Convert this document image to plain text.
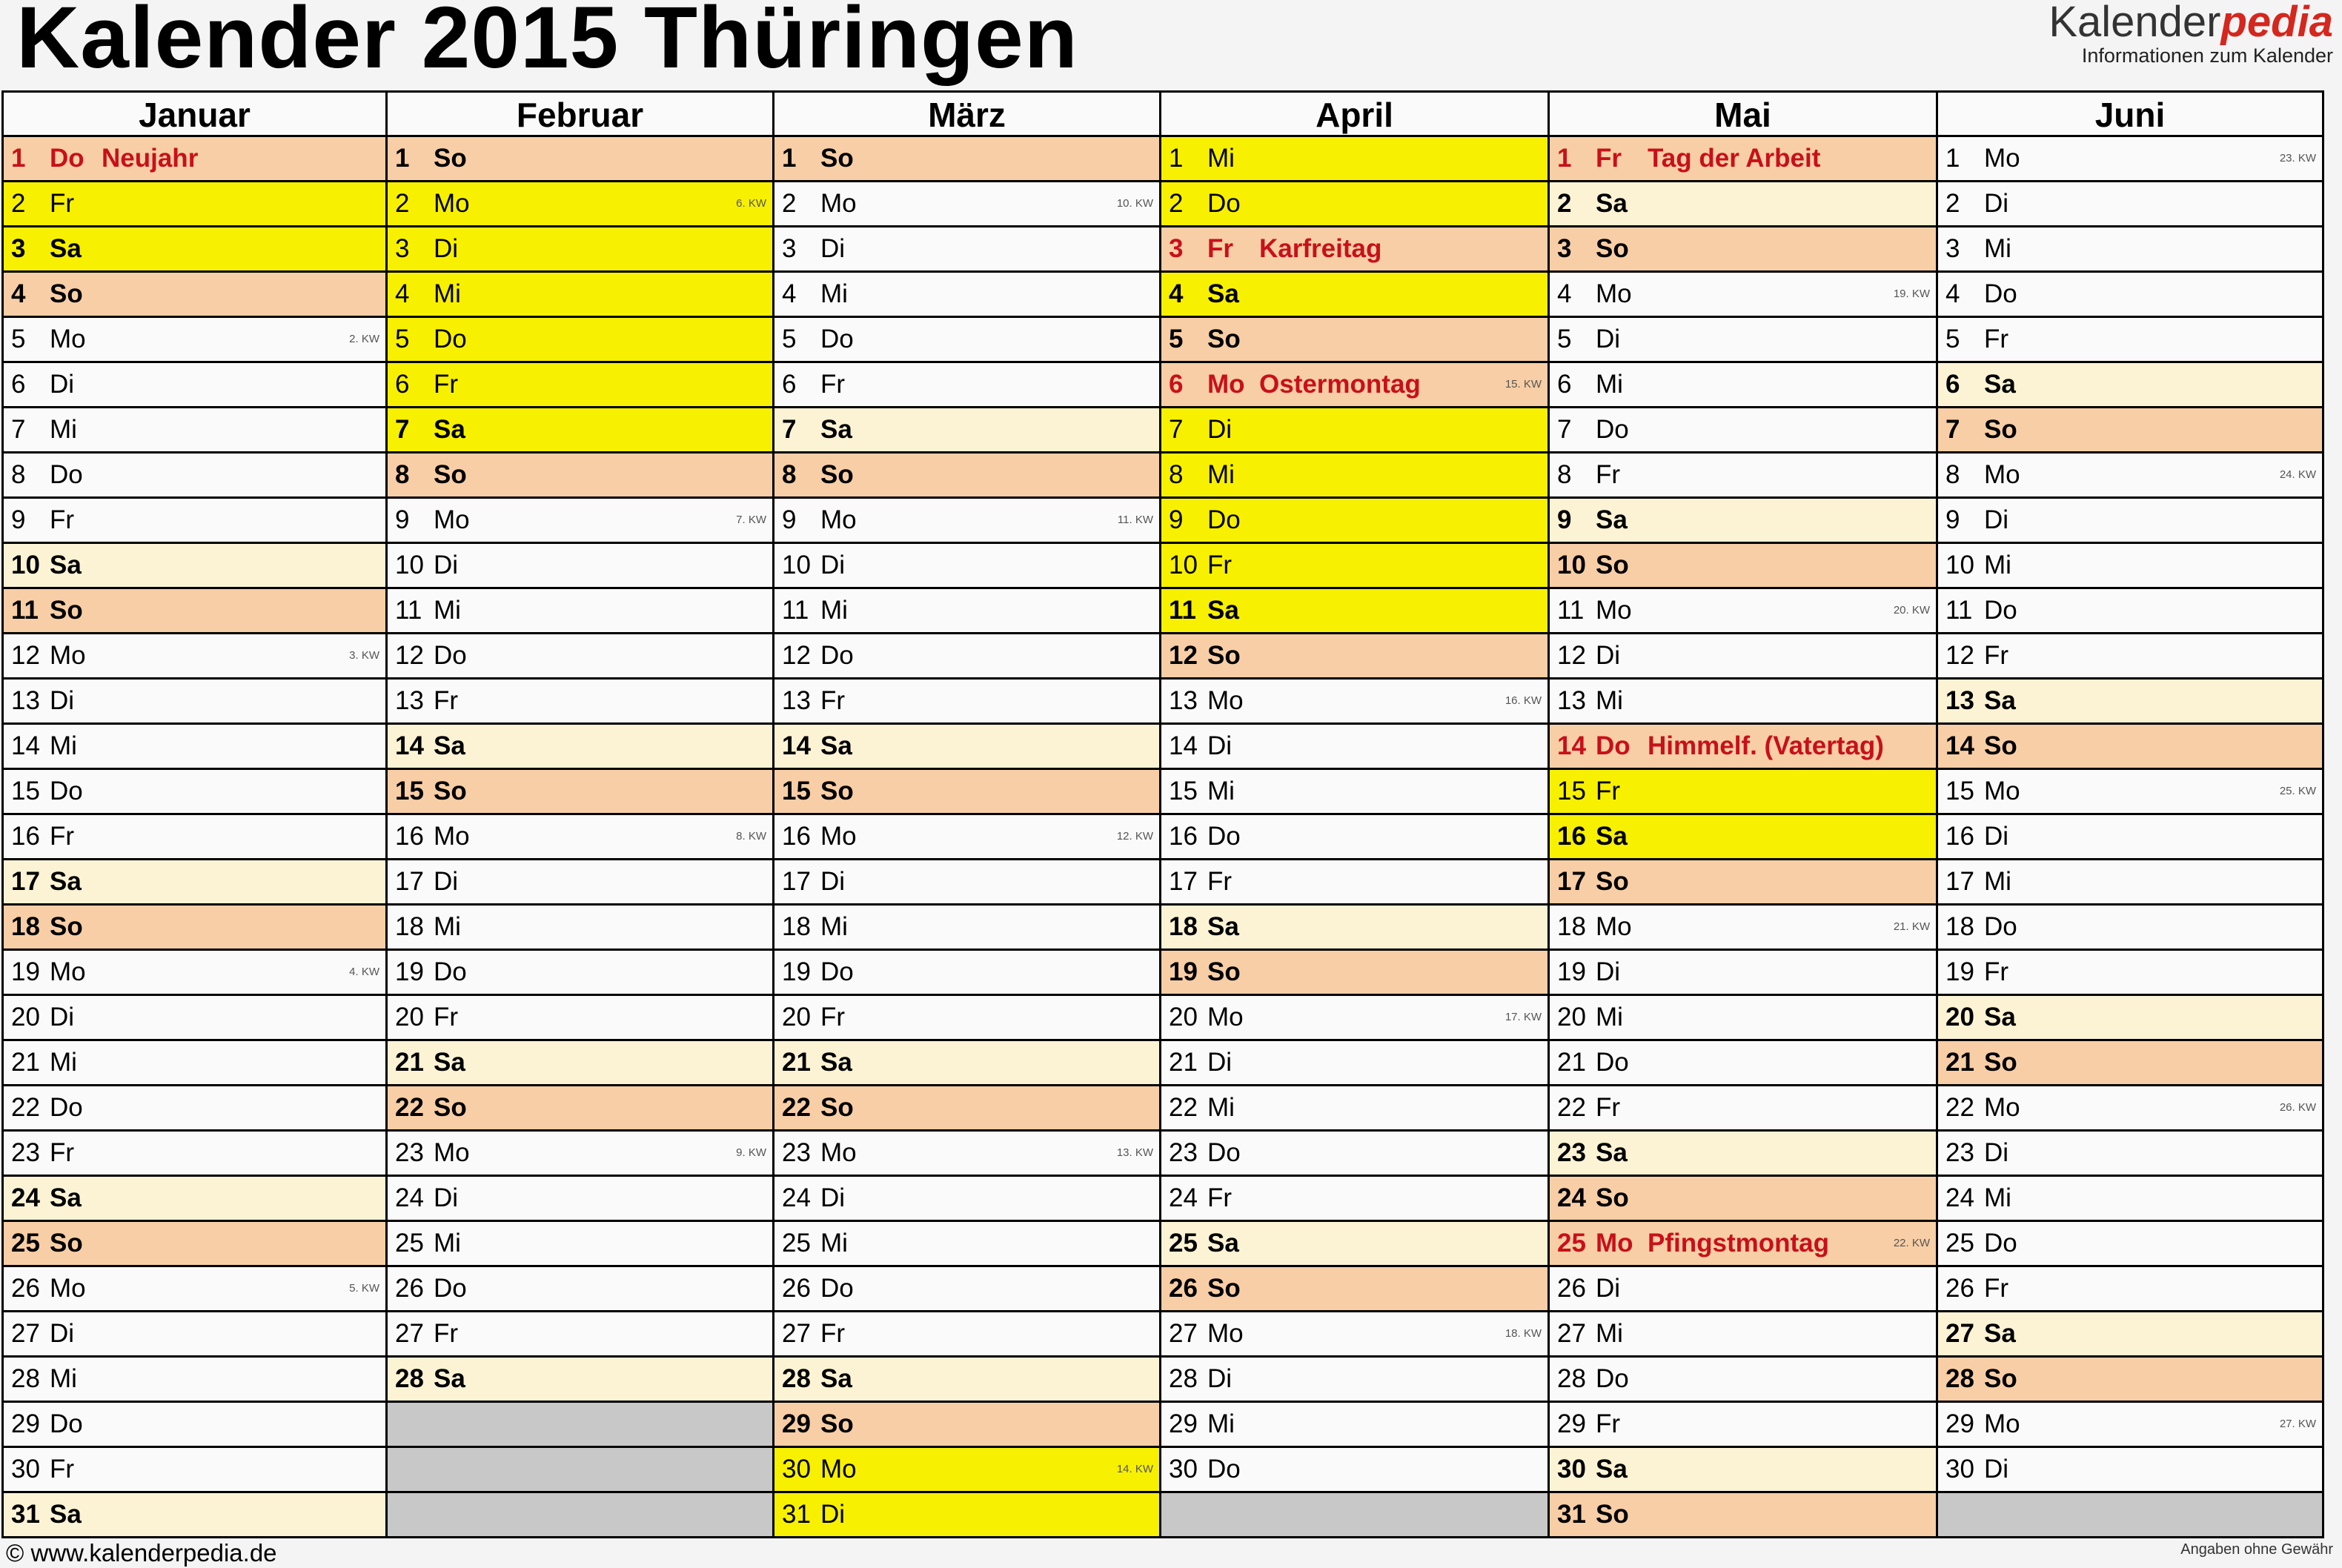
Kalender 2015 Thüringen	Kalenderpedia
Informationen zum Kalender
Januar
1 Do Neujahr
2 Fr
3 Sa
4 So
5 Mo	2. KW
6 Di
7 Mi
8 Do
9 Fr
10 Sa
11 So
12 Mo	3. KW
13 Di
14 Mi
15 Do
16 Fr
17 Sa
18 So
19 Mo	4. KW
20 Di
21 Mi
22 Do
23 Fr
24 Sa
25 So
26 Mo	5. KW
27 Di
28 Mi
29 Do
30 Fr
31 Sa
Februar
1 So
2 Mo	6. KW
3 Di
4 Mi
5 Do
6 Fr
7 Sa
8 So
9 Mo	7. KW
10 Di
11 Mi
12 Do
13 Fr
14 Sa
15 So
16 Mo	8. KW
17 Di
18 Mi
19 Do
20 Fr
21 Sa
22 So
23 Mo	9. KW
24 Di
25 Mi
26 Do
27 Fr
28 Sa
März
1 So
2 Mo	10. KW
3 Di
4 Mi
5 Do
6 Fr
7 Sa
8 So
9 Mo	11. KW
10 Di
11 Mi
12 Do
13 Fr
14 Sa
15 So
16 Mo	12. KW
17 Di
18 Mi
19 Do
20 Fr
21 Sa
22 So
23 Mo	13. KW
24 Di
25 Mi
26 Do
27 Fr
28 Sa
29 So
30 Mo	14. KW
31 Di
April
1 Mi
2 Do
3 Fr Karfreitag
4 Sa
5 So
6 Mo Ostermontag	15. KW
7 Di
8 Mi
9 Do
10 Fr
11 Sa
12 So
13 Mo	16. KW
14 Di
15 Mi
16 Do
17 Fr
18 Sa
19 So
20 Mo	17. KW
21 Di
22 Mi
23 Do
24 Fr
25 Sa
26 So
27 Mo	18. KW
28 Di
29 Mi
30 Do
Mai
1 Fr Tag der Arbeit
2 Sa
3 So
4 Mo	19. KW
5 Di
6 Mi
7 Do
8 Fr
9 Sa
10 So
11 Mo	20. KW
12 Di
13 Mi
14 Do Himmelf. (Vatertag)
15 Fr
16 Sa
17 So
18 Mo	21. KW
19 Di
20 Mi
21 Do
22 Fr
23 Sa
24 So
25 Mo Pfingstmontag	22. KW
26 Di
27 Mi
28 Do
29 Fr
30 Sa
31 So
Juni
1 Mo	23. KW
2 Di
3 Mi
4 Do
5 Fr
6 Sa
7 So
8 Mo	24. KW
9 Di
10 Mi
11 Do
12 Fr
13 Sa
14 So
15 Mo	25. KW
16 Di
17 Mi
18 Do
19 Fr
20 Sa
21 So
22 Mo	26. KW
23 Di
24 Mi
25 Do
26 Fr
27 Sa
28 So
29 Mo	27. KW
30 Di
© www.kalenderpedia.de	Angaben ohne Gewähr
